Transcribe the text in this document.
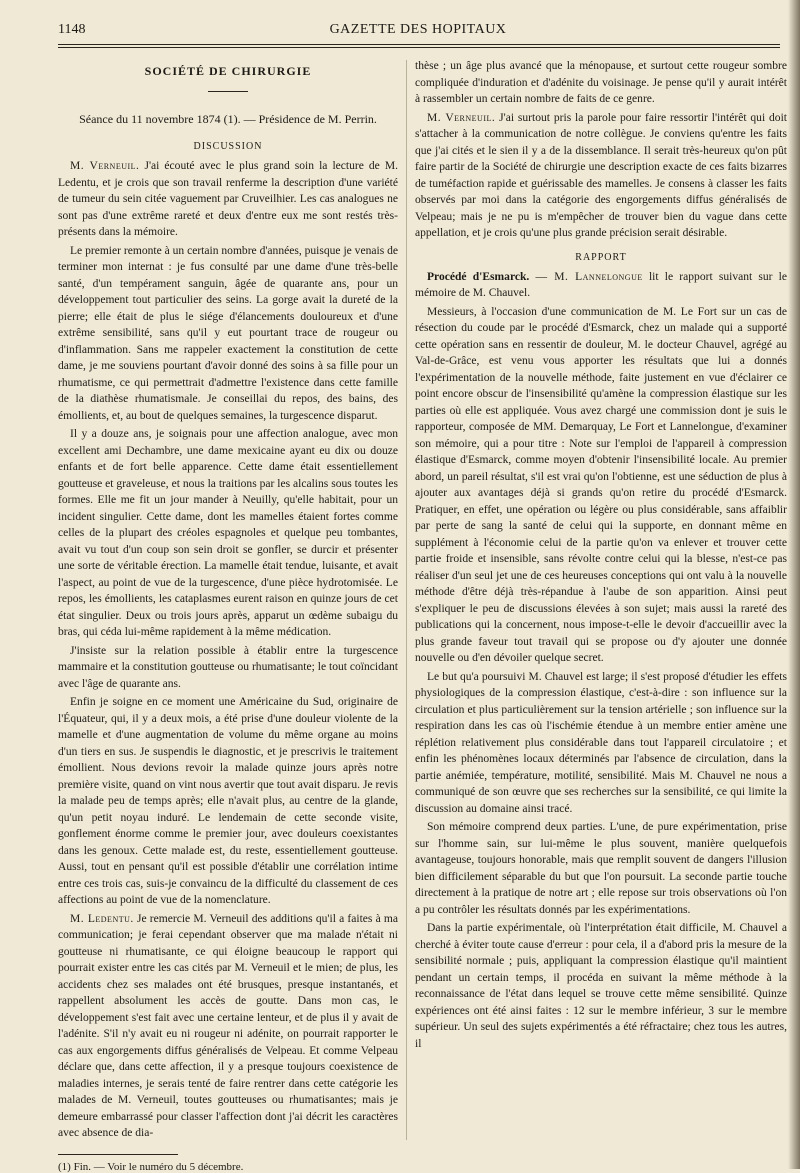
1148	GAZETTE DES HOPITAUX
SOCIÉTÉ DE CHIRURGIE
Séance du 11 novembre 1874 (1). — Présidence de M. Perrin.
DISCUSSION

M. Verneuil. J'ai écouté avec le plus grand soin la lecture de M. Ledentu, et je crois que son travail renferme la description d'une variété de tumeur du sein citée vaguement par Cruveilhier. Les cas analogues ne sont pas d'une extrême rareté et deux d'entre eux me sont restés très-présents dans la mémoire.

Le premier remonte à un certain nombre d'années, puisque je venais de terminer mon internat : je fus consulté par une dame d'une très-belle santé, d'un tempérament sanguin, âgée de quarante ans, pour un développement tout particulier des seins. La gorge avait la dureté de la pierre; elle était de plus le siége d'élancements douloureux et d'une extrême sensibilité, sans qu'il y eut pourtant trace de rougeur ou d'inflammation. Sans me rappeler exactement la constitution de cette dame, je me souviens pourtant d'avoir donné des soins à sa fille pour un rhumatisme, ce qui permettrait d'admettre l'existence dans cette famille de la diathèse rhumatismale. Je conseillai du repos, des bains, des émollients, et, au bout de quelques semaines, la turgescence disparut.

Il y a douze ans, je soignais pour une affection analogue, avec mon excellent ami Dechambre, une dame mexicaine ayant eu dix ou douze enfants et de fort belle apparence. Cette dame était essentiellement goutteuse et graveleuse, et nous la traitions par les alcalins sous toutes les formes. Elle me fit un jour mander à Neuilly, qu'elle habitait, pour un incident singulier. Cette dame, dont les mamelles étaient fortes comme celles de la plupart des créoles espagnoles et quelque peu tombantes, avait vu tout d'un coup son sein droit se gonfler, se durcir et présenter une sorte de véritable érection. La mamelle était tendue, luisante, et avait l'aspect, au point de vue de la turgescence, d'une pièce hydrotomisée. Le repos, les émollients, les cataplasmes eurent raison en quinze jours de cet état singulier. Deux ou trois jours après, apparut un œdème subaigu du bras, qui céda lui-même rapidement à la même médication.

J'insiste sur la relation possible à établir entre la turgescence mammaire et la constitution goutteuse ou rhumatisante; le tout coïncidant avec l'âge de quarante ans.

Enfin je soigne en ce moment une Américaine du Sud, originaire de l'Équateur, qui, il y a deux mois, a été prise d'une douleur violente de la mamelle et d'une augmentation de volume du même organe au moins d'un tiers en sus. Je suspendis le diagnostic, et je prescrivis le traitement émollient. Nous devions revoir la malade quinze jours après notre première visite, quand on vint nous avertir que tout avait disparu. Je revis la malade peu de temps après; elle n'avait plus, au centre de la glande, qu'un petit noyau induré. Le lendemain de cette seconde visite, gonflement énorme comme le premier jour, avec douleurs coexistantes dans les genoux. Cette malade est, du reste, essentiellement goutteuse. Aussi, tout en pensant qu'il est possible d'établir une corrélation intime entre ces trois cas, suis-je convaincu de la difficulté du classement de ces affections au point de vue de la nomenclature.

M. Ledentu. Je remercie M. Verneuil des additions qu'il a faites à ma communication; je ferai cependant observer que ma malade n'était ni goutteuse ni rhumatisante, ce qui éloigne beaucoup le rapport qui pourrait exister entre les cas cités par M. Verneuil et le mien; de plus, les accidents chez ses malades ont été brusques, presque instantanés, et rappellent absolument les accès de goutte. Dans mon cas, le développement s'est fait avec une certaine lenteur, et de plus il y avait de l'adénite. S'il n'y avait eu ni rougeur ni adénite, on pourrait rapporter le cas aux engorgements diffus généralisés de Velpeau. Et comme Velpeau déclare que, dans cette affection, il y a presque toujours coexistence de maladies internes, je serais tenté de faire rentrer dans cette catégorie les malades de M. Verneuil, toutes goutteuses ou rhumatisantes; mais je demeure embarrassé pour classer l'affection dont j'ai décrit les caractères avec absence de dia-

(1) Fin. — Voir le numéro du 5 décembre.

thèse ; un âge plus avancé que la ménopause, et surtout cette rougeur sombre compliquée d'induration et d'adénite du voisinage. Je pense qu'il y aurait intérêt à rassembler un certain nombre de faits de ce genre.

M. Verneuil. J'ai surtout pris la parole pour faire ressortir l'intérêt qui doit s'attacher à la communication de notre collègue. Je conviens qu'entre les faits que j'ai cités et le sien il y a de la dissemblance. Il serait très-heureux qu'on pût faire partir de la Société de chirurgie une description exacte de ces faits bizarres de tuméfaction rapide et guérissable des mamelles. Je consens à classer les faits observés par moi dans la catégorie des engorgements diffus généralisés de Velpeau; mais je ne pu is m'empêcher de trouver bien du vague dans cette appellation, et je crois qu'une plus grande précision serait désirable.

RAPPORT

Procédé d'Esmarck. — M. Lannelongue lit le rapport suivant sur le mémoire de M. Chauvel.

Messieurs, à l'occasion d'une communication de M. Le Fort sur un cas de résection du coude par le procédé d'Esmarck, chez un malade qui a supporté cette opération sans en ressentir de douleur, M. le docteur Chauvel, agrégé au Val-de-Grâce, est venu vous apporter les résultats que lui a donnés l'expérimentation de la nouvelle méthode, faite justement en vue d'éclairer ce point encore obscur de l'insensibilité qu'amène la compression élastique sur les parties où elle est appliquée. Vous avez chargé une commission dont je suis le rapporteur, composée de MM. Demarquay, Le Fort et Lannelongue, d'examiner son mémoire, qui a pour titre : Note sur l'emploi de l'appareil à compression élastique d'Esmarck, comme moyen d'obtenir l'insensibilité locale. Au premier abord, un pareil résultat, s'il est vrai qu'on l'obtienne, est une séduction de plus à ajouter aux avantages déjà si grands qu'on retire du procédé d'Esmarck. Pratiquer, en effet, une opération ou légère ou plus considérable, sans affaiblir par perte de sang la santé de celui qui la supporte, en donnant même en supplément à l'économie celui de la partie qu'on va enlever et trouver cette partie froide et insensible, sans révolte contre celui qui la blesse, n'est-ce pas réaliser d'un seul jet une de ces heureuses conceptions qui ont valu à la nouvelle méthode d'être déjà très-répandue à l'aube de son apparition. Ainsi peut s'expliquer le peu de discussions élevées à son sujet; mais aussi la rareté des publications qui la concernent, nous impose-t-elle le devoir d'accueillir avec la plus grande faveur tout travail qui se propose ou d'y ajouter une donnée nouvelle ou d'en dévoiler quelque secret.

Le but qu'a poursuivi M. Chauvel est large; il s'est proposé d'étudier les effets physiologiques de la compression élastique, c'est-à-dire : son influence sur la circulation et plus particulièrement sur la tension artérielle ; son influence sur la respiration dans les cas où l'ischémie étendue à un membre entier amène une réplétion relativement plus considérable dans tout l'appareil circulatoire ; et enfin les phénomènes locaux déterminés par l'absence de circulation, dans la partie anémiée, température, motilité, sensibilité. Mais M. Chauvel ne nous a communiqué de son œuvre que ses recherches sur la sensibilité, ce qui limite la discussion au domaine ainsi tracé.

Son mémoire comprend deux parties. L'une, de pure expérimentation, prise sur l'homme sain, sur lui-même le plus souvent, manière quelquefois avantageuse, toujours honorable, mais que remplit souvent de dangers l'illusion bien difficilement séparable du but que l'on poursuit. La seconde partie touche directement à la pratique de notre art ; elle repose sur trois observations où l'on a pu contrôler les résultats donnés par les expérimentations.

Dans la partie expérimentale, où l'interprétation était difficile, M. Chauvel a cherché à éviter toute cause d'erreur : pour cela, il a d'abord pris la mesure de la sensibilité normale ; puis, appliquant la compression élastique qu'il maintient pendant un certain temps, il procéda en suivant la même méthode à la reconnaissance de l'état dans lequel se trouve cette même sensibilité. Quinze expériences ont été ainsi faites : 12 sur le membre inférieur, 3 sur le membre supérieur. Un seul des sujets expérimentés a été réfractaire; chez tous les autres, il
